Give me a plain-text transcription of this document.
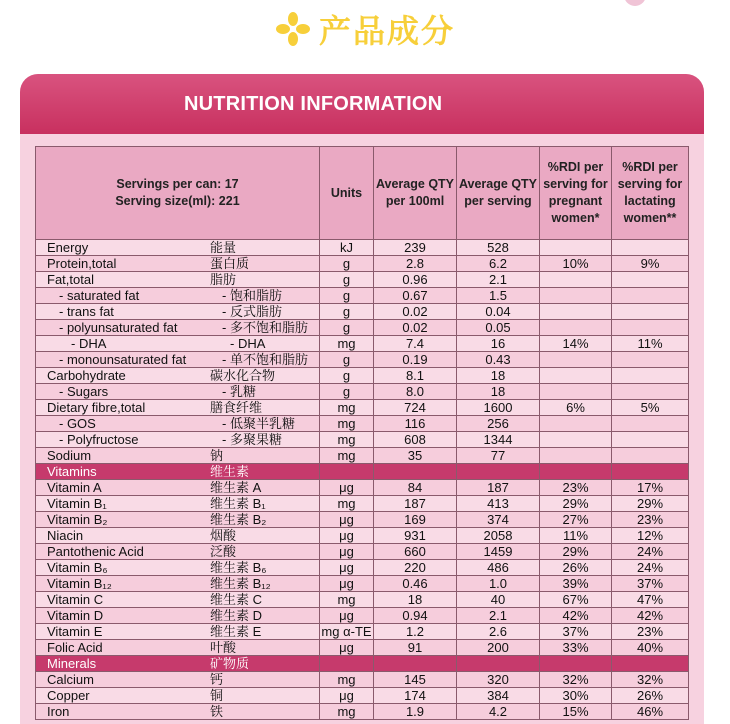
产品成分
NUTRITION INFORMATION
Servings per can: 17
Serving size(ml): 221	Units	Average QTY per 100ml	Average QTY per serving	%RDI per serving for pregnant women*	%RDI per serving for lactating women**
Energy 能量	kJ	239	528		
Protein,total 蛋白质	g	2.8	6.2	10%	9%
Fat,total 脂肪	g	0.96	2.1		
- saturated fat - 饱和脂肪	g	0.67	1.5		
- trans fat - 反式脂肪	g	0.02	0.04		
- polyunsaturated fat - 多不饱和脂肪	g	0.02	0.05		
- DHA - DHA	mg	7.4	16	14%	11%
- monounsaturated fat - 单不饱和脂肪	g	0.19	0.43		
Carbohydrate 碳水化合物	g	8.1	18		
- Sugars - 乳糖	g	8.0	18		
Dietary fibre,total 膳食纤维	mg	724	1600	6%	5%
- GOS - 低聚半乳糖	mg	116	256		
- Polyfructose - 多聚果糖	mg	608	1344		
Sodium 钠	mg	35	77		
Vitamins 维生素					
Vitamin A 维生素 A	μg	84	187	23%	17%
Vitamin B₁ 维生素 B₁	mg	187	413	29%	29%
Vitamin B₂ 维生素 B₂	μg	169	374	27%	23%
Niacin 烟酸	μg	931	2058	11%	12%
Pantothenic Acid 泛酸	μg	660	1459	29%	24%
Vitamin B₆ 维生素 B₆	μg	220	486	26%	24%
Vitamin B₁₂ 维生素 B₁₂	μg	0.46	1.0	39%	37%
Vitamin C 维生素 C	mg	18	40	67%	47%
Vitamin D 维生素 D	μg	0.94	2.1	42%	42%
Vitamin E 维生素 E	mg α-TE	1.2	2.6	37%	23%
Folic Acid 叶酸	μg	91	200	33%	40%
Minerals 矿物质					
Calcium 钙	mg	145	320	32%	32%
Copper 铜	μg	174	384	30%	26%
Iron 铁	mg	1.9	4.2	15%	46%
